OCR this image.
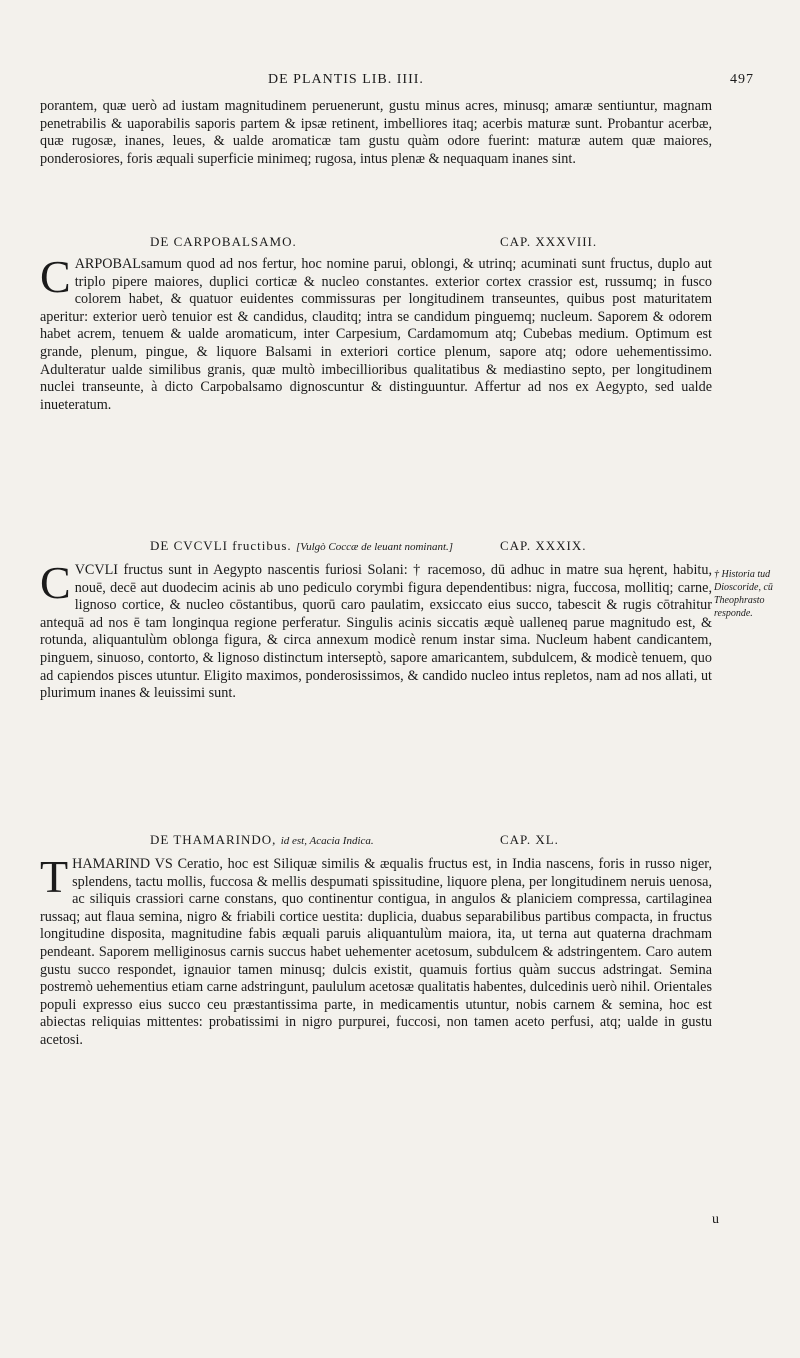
DE PLANTIS LIB. IIII.	497

porantem, quæ uerò ad iustam magnitudinem peruenerunt, gustu minus acres, minusq; amaræ sentiuntur, magnam penetrabilis & uaporabilis saporis partem & ipsæ retinent, imbelliores itaq; acerbis maturæ sunt. Probantur acerbæ, quæ rugosæ, inanes, leues, & ualde aromaticæ tam gustu quàm odore fuerint: maturæ autem quæ maiores, ponderosiores, foris æquali superficie minimeq; rugosa, intus plenæ & nequaquam inanes sint.

DE CARPOBALSAMO.	CAP. XXXVIII.
C ARPOBALsamum quod ad nos fertur, hoc nomine parui, oblongi, & utrinq; acuminati sunt fructus, duplo aut triplo pipere maiores, duplici corticæ & nucleo constantes. exterior cortex crassior est, russumq; in fusco colorem habet, & quatuor euidentes commissuras per longitudinem transeuntes, quibus post maturitatem aperitur: exterior uerò tenuior est & candidus, clauditq; intra se candidum pinguemq; nucleum. Saporem & odorem habet acrem, tenuem & ualde aromaticum, inter Carpesium, Cardamomum atq; Cubebas medium. Optimum est grande, plenum, pingue, & liquore Balsami in exteriori cortice plenum, sapore atq; odore uehementissimo. Adulteratur ualde similibus granis, quæ multò imbecillioribus qualitatibus & mediastino septo, per longitudinem nuclei transeunte, à dicto Carpobalsamo dignoscuntur & distinguuntur. Affertur ad nos ex Aegypto, sed ualde inueteratum.

DE CVCVLI fructibus. [Vulgò Coccæ de leuant nominant.]	CAP. XXXIX.
C VCVLI fructus sunt in Aegypto nascentis furiosi Solani: † racemoso, dū adhuc in matre sua hęrent, habitu, nouē, decē aut duodecim acinis ab uno pediculo corymbi figura dependentibus: nigra, fuccosa, mollitiq; carne, lignoso cortice, & nucleo cōstantibus, quorū caro paulatim, exsiccato eius succo, tabescit & rugis cōtrahitur antequā ad nos ē tam longinqua regione perferatur. Singulis acinis siccatis æquè ualleneq parue magnitudo est, & rotunda, aliquantulùm oblonga figura, & circa annexum modicè renum instar sima. Nucleum habent candicantem, pinguem, sinuoso, contorto, & lignoso distinctum interseptò, sapore amaricantem, subdulcem, & modicè tenuem, quo ad capiendos pisces utuntur. Eligito maximos, ponderosissimos, & candido nucleo intus repletos, nam ad nos allati, ut plurimum inanes & leuissimi sunt.

† Historia tud Dioscoride, cū Theophrasto responde.
DE THAMARINDO, id est, Acacia Indica.	CAP. XL.
T HAMARIND VS Ceratio, hoc est Siliquæ similis & æqualis fructus est, in India nascens, foris in russo niger, splendens, tactu mollis, fuccosa & mellis despumati spissitudine, liquore plena, per longitudinem neruis uenosa, ac siliquis crassiori carne constans, quo continentur contigua, in angulos & planiciem compressa, cartilaginea russaq; aut flaua semina, nigro & friabili cortice uestita: duplicia, duabus separabilibus partibus compacta, in fructus longitudine disposita, magnitudine fabis æquali paruis aliquantulùm maiora, ita, ut terna aut quaterna drachmam pendeant. Saporem melliginosus carnis succus habet uehementer acetosum, subdulcem & adstringentem. Caro autem gustu succo respondet, ignauior tamen minusq; dulcis existit, quamuis fortius quàm succus adstringat. Semina postremò uehementius etiam carne adstringunt, paululum acetosæ qualitatis habentes, dulcedinis uerò nihil. Orientales populi expresso eius succo ceu præstantissima parte, in medicamentis utuntur, nobis carnem & semina, hoc est abiectas reliquias mittentes: probatissimi in nigro purpurei, fuccosi, non tamen aceto perfusi, atq; ualde in gustu acetosi.

u
